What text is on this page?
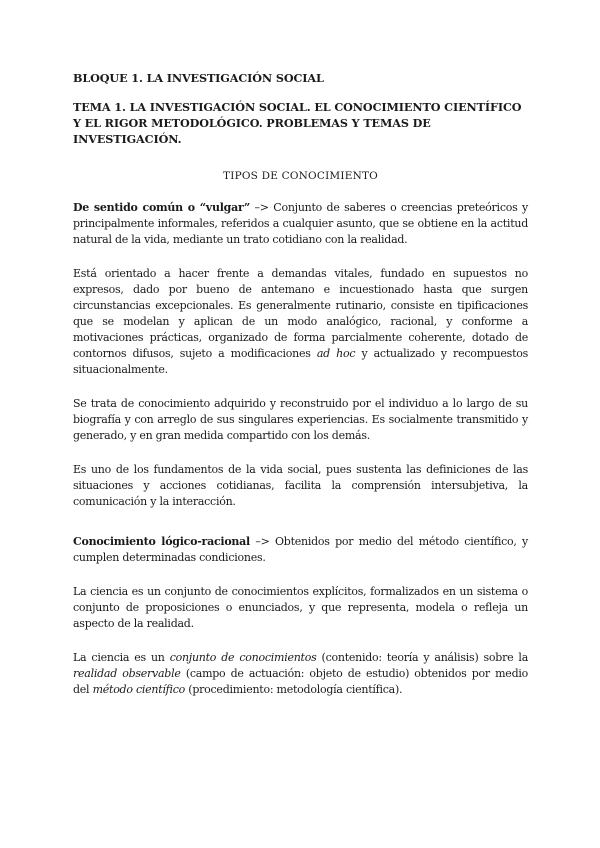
BLOQUE 1. LA INVESTIGACIÓN SOCIAL
TEMA 1. LA INVESTIGACIÓN SOCIAL. EL CONOCIMIENTO CIENTÍFICO Y EL RIGOR METODOLÓGICO. PROBLEMAS Y TEMAS DE INVESTIGACIÓN.
TIPOS DE CONOCIMIENTO

De sentido común o “vulgar” –> Conjunto de saberes o creencias preteóricos y principalmente informales, referidos a cualquier asunto, que se obtiene en la actitud natural de la vida, mediante un trato cotidiano con la realidad.

Está orientado a hacer frente a demandas vitales, fundado en supuestos no expresos, dado por bueno de antemano e incuestionado hasta que surgen circunstancias excepcionales. Es generalmente rutinario, consiste en tipificaciones que se modelan y aplican de un modo analógico, racional, y conforme a motivaciones prácticas, organizado de forma parcialmente coherente, dotado de contornos difusos, sujeto a modificaciones ad hoc y actualizado y recompuestos situacionalmente.

Se trata de conocimiento adquirido y reconstruido por el individuo a lo largo de su biografía y con arreglo de sus singulares experiencias. Es socialmente transmitido y generado, y en gran medida compartido con los demás.

Es uno de los fundamentos de la vida social, pues sustenta las definiciones de las situaciones y acciones cotidianas, facilita la comprensión intersubjetiva, la comunicación y la interacción.

Conocimiento lógico-racional –> Obtenidos por medio del método científico, y cumplen determinadas condiciones.

La ciencia es un conjunto de conocimientos explícitos, formalizados en un sistema o conjunto de proposiciones o enunciados, y que representa, modela o refleja un aspecto de la realidad.

La ciencia es un conjunto de conocimientos (contenido: teoría y análisis) sobre la realidad observable (campo de actuación: objeto de estudio) obtenidos por medio del método científico (procedimiento: metodología científica).
